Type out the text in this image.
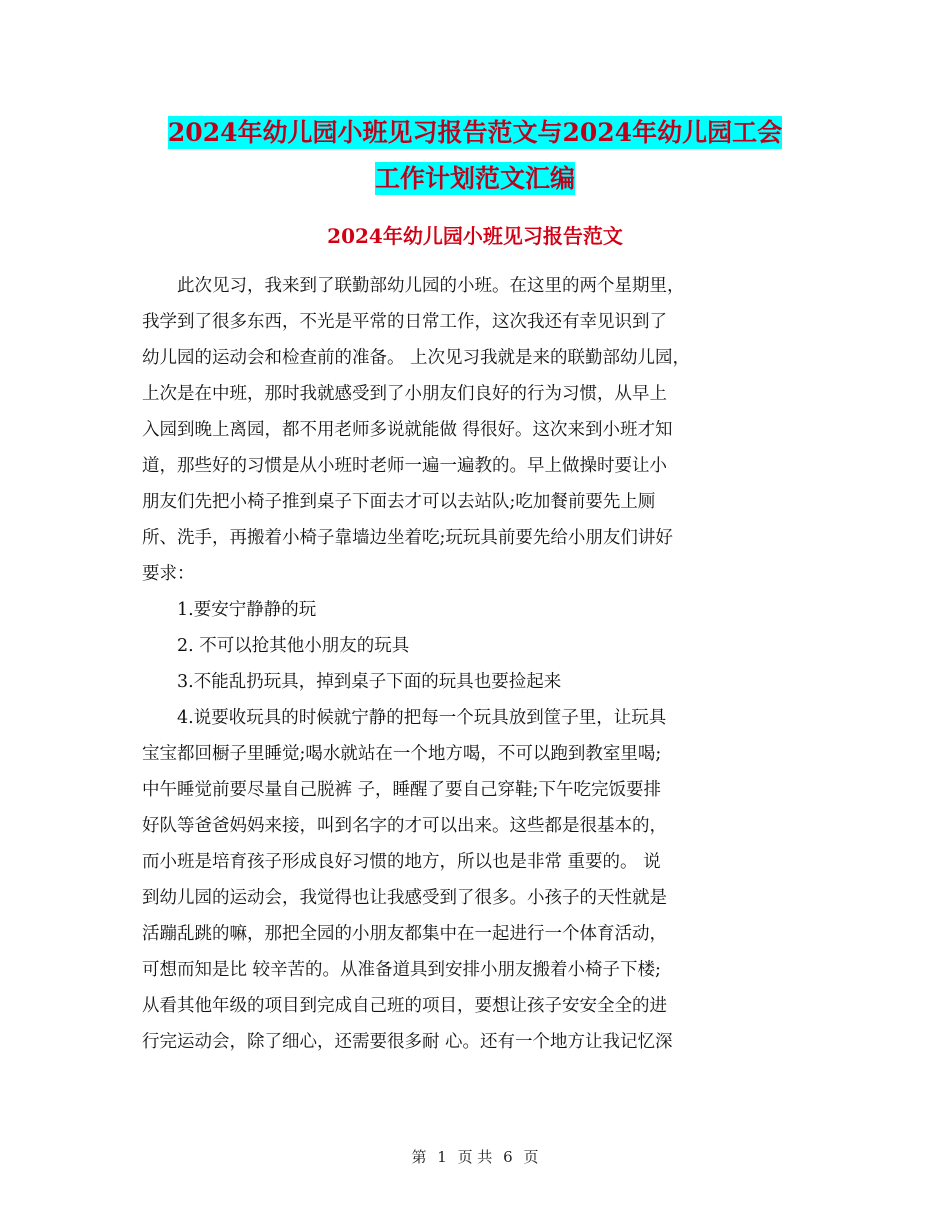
2024年幼儿园小班见习报告范文与2024年幼儿园工会
工作计划范文汇编
2024年幼儿园小班见习报告范文
此次见习，我来到了联勤部幼儿园的小班。在这里的两个星期里，
我学到了很多东西，不光是平常的日常工作，这次我还有幸见识到了
幼儿园的运动会和检查前的准备。 上次见习我就是来的联勤部幼儿园，
上次是在中班，那时我就感受到了小朋友们良好的行为习惯，从早上
入园到晚上离园，都不用老师多说就能做 得很好。这次来到小班才知
道，那些好的习惯是从小班时老师一遍一遍教的。早上做操时要让小
朋友们先把小椅子推到桌子下面去才可以去站队;吃加餐前要先上厕
所、洗手，再搬着小椅子靠墙边坐着吃;玩玩具前要先给小朋友们讲好
要求：
1.要安宁静静的玩
2. 不可以抢其他小朋友的玩具
3.不能乱扔玩具，掉到桌子下面的玩具也要捡起来
4.说要收玩具的时候就宁静的把每一个玩具放到筐子里，让玩具
宝宝都回橱子里睡觉;喝水就站在一个地方喝，不可以跑到教室里喝;
中午睡觉前要尽量自己脱裤 子，睡醒了要自己穿鞋;下午吃完饭要排
好队等爸爸妈妈来接，叫到名字的才可以出来。这些都是很基本的，
而小班是培育孩子形成良好习惯的地方，所以也是非常 重要的。 说
到幼儿园的运动会，我觉得也让我感受到了很多。小孩子的天性就是
活蹦乱跳的嘛，那把全园的小朋友都集中在一起进行一个体育活动，
可想而知是比 较辛苦的。从准备道具到安排小朋友搬着小椅子下楼;
从看其他年级的项目到完成自己班的项目，要想让孩子安安全全的进
行完运动会，除了细心，还需要很多耐 心。还有一个地方让我记忆深
第 1 页 共 6 页
